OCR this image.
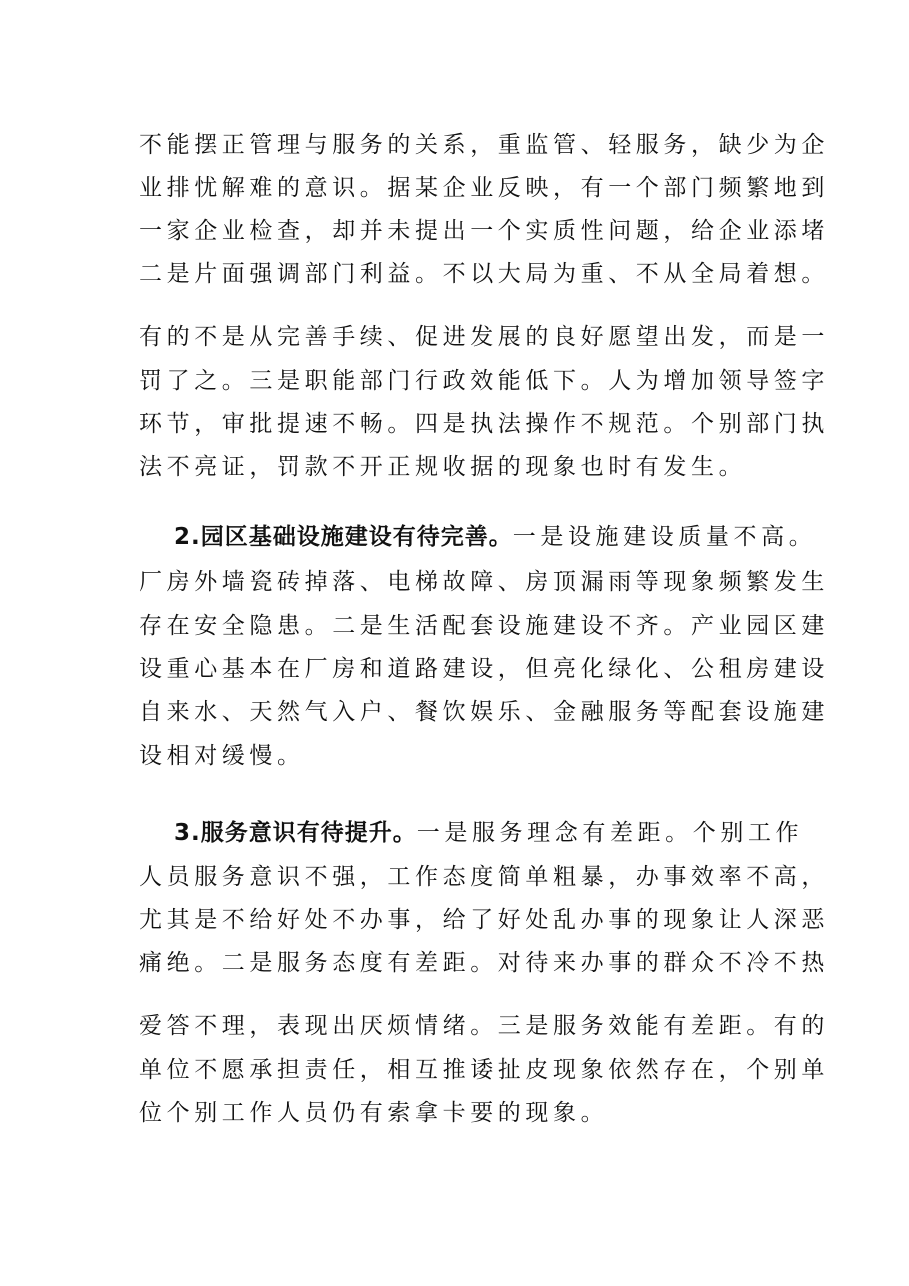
不能摆正管理与服务的关系，重监管、轻服务，缺少为企
业排忧解难的意识。据某企业反映，有一个部门频繁地到
一家企业检查，却并未提出一个实质性问题，给企业添堵
二是片面强调部门利益。不以大局为重、不从全局着想。
有的不是从完善手续、促进发展的良好愿望出发，而是一
罚了之。三是职能部门行政效能低下。人为增加领导签字
环节，审批提速不畅。四是执法操作不规范。个别部门执
法不亮证，罚款不开正规收据的现象也时有发生。
2.园区基础设施建设有待完善。一是设施建设质量不高。
厂房外墙瓷砖掉落、电梯故障、房顶漏雨等现象频繁发生
存在安全隐患。二是生活配套设施建设不齐。产业园区建
设重心基本在厂房和道路建设，但亮化绿化、公租房建设
自来水、天然气入户、餐饮娱乐、金融服务等配套设施建
设相对缓慢。
3.服务意识有待提升。一是服务理念有差距。个别工作
人员服务意识不强，工作态度简单粗暴，办事效率不高，
尤其是不给好处不办事，给了好处乱办事的现象让人深恶
痛绝。二是服务态度有差距。对待来办事的群众不冷不热
爱答不理，表现出厌烦情绪。三是服务效能有差距。有的
单位不愿承担责任，相互推诿扯皮现象依然存在，个别单
位个别工作人员仍有索拿卡要的现象。
